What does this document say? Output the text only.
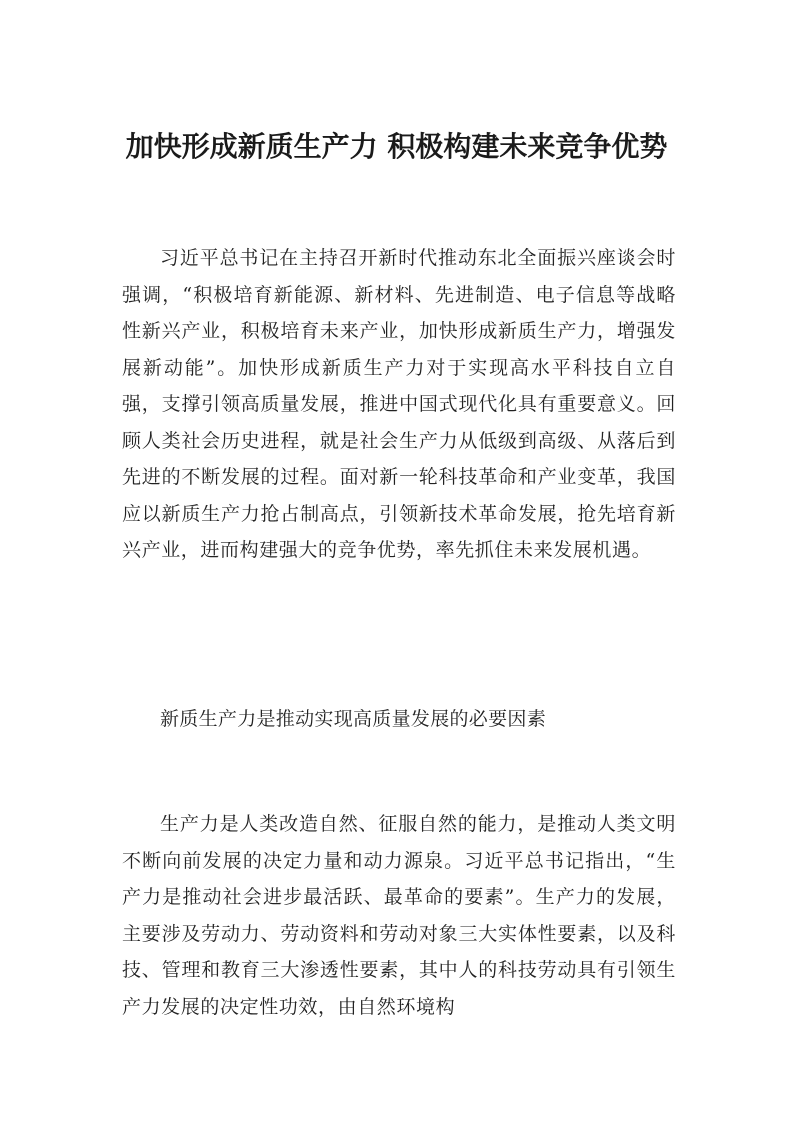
加快形成新质生产力 积极构建未来竞争优势

习近平总书记在主持召开新时代推动东北全面振兴座谈会时强调，“积极培育新能源、新材料、先进制造、电子信息等战略性新兴产业，积极培育未来产业，加快形成新质生产力，增强发展新动能”。加快形成新质生产力对于实现高水平科技自立自强，支撑引领高质量发展，推进中国式现代化具有重要意义。回顾人类社会历史进程，就是社会生产力从低级到高级、从落后到先进的不断发展的过程。面对新一轮科技革命和产业变革，我国应以新质生产力抢占制高点，引领新技术革命发展，抢先培育新兴产业，进而构建强大的竞争优势，率先抓住未来发展机遇。

新质生产力是推动实现高质量发展的必要因素

生产力是人类改造自然、征服自然的能力，是推动人类文明不断向前发展的决定力量和动力源泉。习近平总书记指出，“生产力是推动社会进步最活跃、最革命的要素”。生产力的发展，主要涉及劳动力、劳动资料和劳动对象三大实体性要素，以及科技、管理和教育三大渗透性要素，其中人的科技劳动具有引领生产力发展的决定性功效，由自然环境构
